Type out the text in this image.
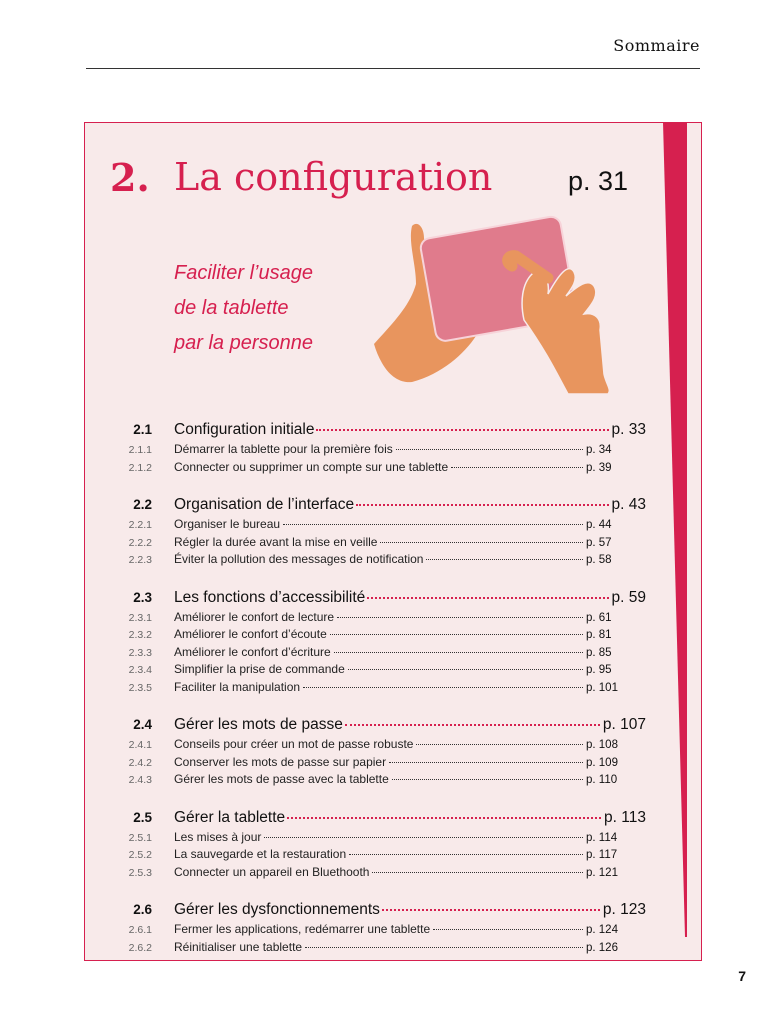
Sommaire
2. La configuration	p. 31
Faciliter l’usage
de la tablette
par la personne
2.1	Configuration initiale	p. 33
2.1.1	Démarrer la tablette pour la première fois	p. 34
2.1.2	Connecter ou supprimer un compte sur une tablette	p. 39
2.2	Organisation de l’interface	p. 43
2.2.1	Organiser le bureau	p. 44
2.2.2	Régler la durée avant la mise en veille	p. 57
2.2.3	Éviter la pollution des messages de notification	p. 58
2.3	Les fonctions d’accessibilité	p. 59
2.3.1	Améliorer le confort de lecture	p. 61
2.3.2	Améliorer le confort d’écoute	p. 81
2.3.3	Améliorer le confort d’écriture	p. 85
2.3.4	Simplifier la prise de commande	p. 95
2.3.5	Faciliter la manipulation	p. 101
2.4	Gérer les mots de passe	p. 107
2.4.1	Conseils pour créer un mot de passe robuste	p. 108
2.4.2	Conserver les mots de passe sur papier	p. 109
2.4.3	Gérer les mots de passe avec la tablette	p. 110
2.5	Gérer la tablette	p. 113
2.5.1	Les mises à jour	p. 114
2.5.2	La sauvegarde et la restauration	p. 117
2.5.3	Connecter un appareil en Bluethooth	p. 121
2.6	Gérer les dysfonctionnements	p. 123
2.6.1	Fermer les applications, redémarrer une tablette	p. 124
2.6.2	Réinitialiser une tablette	p. 126
7
